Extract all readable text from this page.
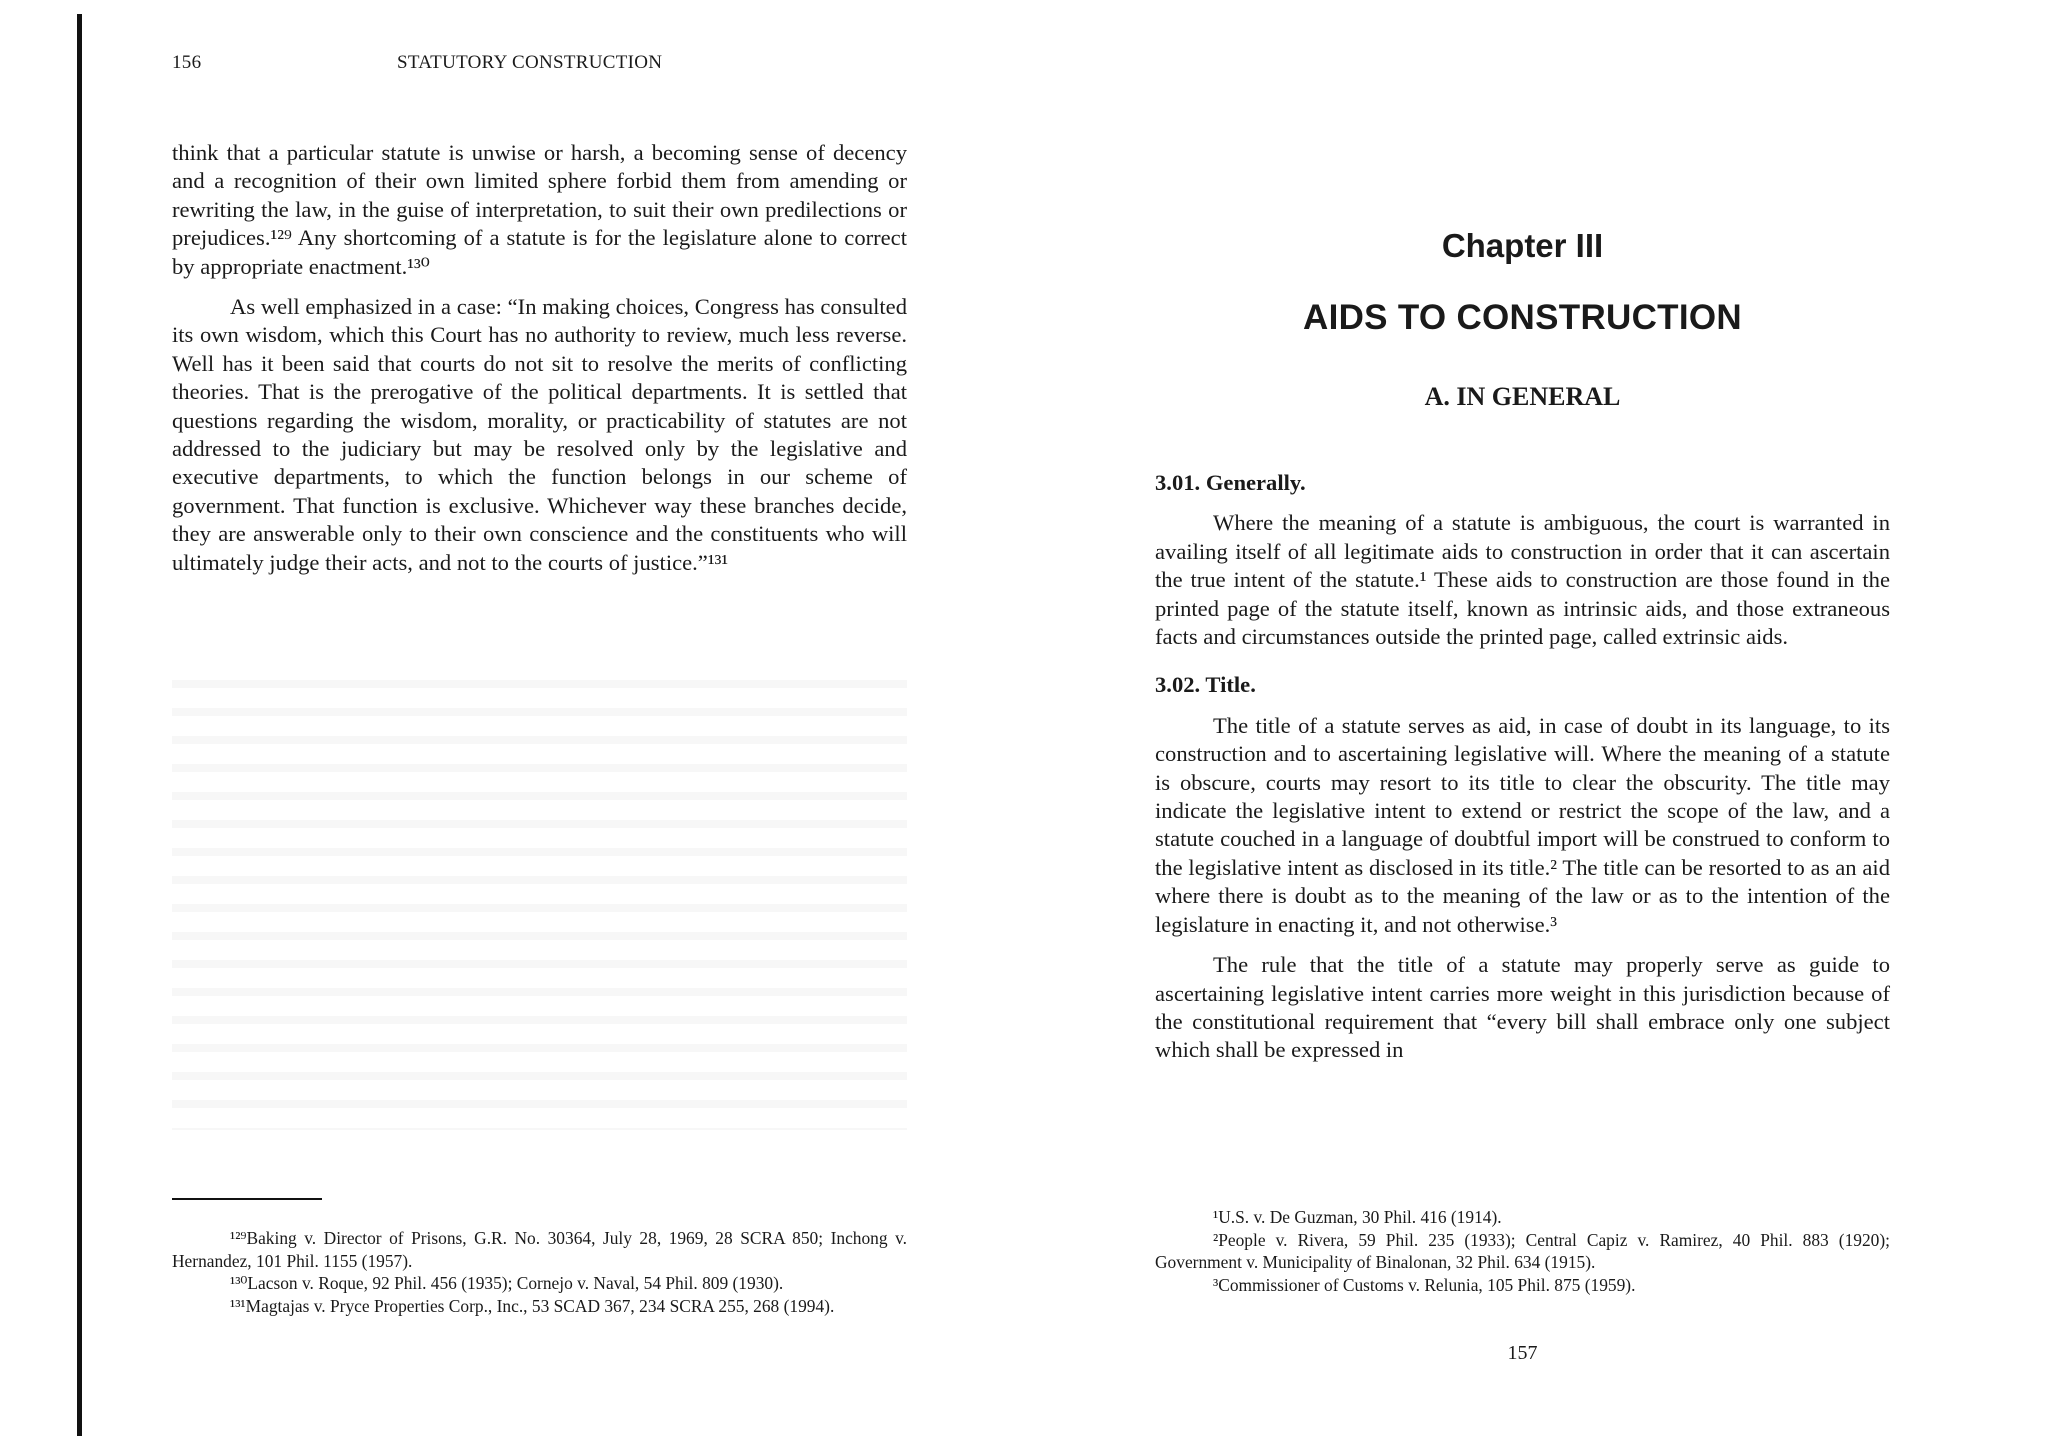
156	STATUTORY CONSTRUCTION

think that a particular statute is unwise or harsh, a becoming sense of decency and a recognition of their own limited sphere forbid them from amending or rewriting the law, in the guise of interpretation, to suit their own predilections or prejudices.¹²⁹ Any shortcoming of a statute is for the legislature alone to correct by appropriate enactment.¹³⁰

As well emphasized in a case: “In making choices, Congress has consulted its own wisdom, which this Court has no authority to review, much less reverse. Well has it been said that courts do not sit to resolve the merits of conflicting theories. That is the prerogative of the political departments. It is settled that questions regarding the wisdom, morality, or practicability of statutes are not addressed to the judiciary but may be resolved only by the legislative and executive departments, to which the function belongs in our scheme of government. That function is exclusive. Whichever way these branches decide, they are answerable only to their own conscience and the constituents who will ultimately judge their acts, and not to the courts of justice.”¹³¹

¹²⁹Baking v. Director of Prisons, G.R. No. 30364, July 28, 1969, 28 SCRA 850; Inchong v. Hernandez, 101 Phil. 1155 (1957).

¹³⁰Lacson v. Roque, 92 Phil. 456 (1935); Cornejo v. Naval, 54 Phil. 809 (1930).

¹³¹Magtajas v. Pryce Properties Corp., Inc., 53 SCAD 367, 234 SCRA 255, 268 (1994).

Chapter III
AIDS TO CONSTRUCTION
A. IN GENERAL

3.01. Generally.

Where the meaning of a statute is ambiguous, the court is warranted in availing itself of all legitimate aids to construction in order that it can ascertain the true intent of the statute.¹ These aids to construction are those found in the printed page of the statute itself, known as intrinsic aids, and those extraneous facts and circumstances outside the printed page, called extrinsic aids.

3.02. Title.

The title of a statute serves as aid, in case of doubt in its language, to its construction and to ascertaining legislative will. Where the meaning of a statute is obscure, courts may resort to its title to clear the obscurity. The title may indicate the legislative intent to extend or restrict the scope of the law, and a statute couched in a language of doubtful import will be construed to conform to the legislative intent as disclosed in its title.² The title can be resorted to as an aid where there is doubt as to the meaning of the law or as to the intention of the legislature in enacting it, and not otherwise.³

The rule that the title of a statute may properly serve as guide to ascertaining legislative intent carries more weight in this jurisdiction because of the constitutional requirement that “every bill shall embrace only one subject which shall be expressed in

¹U.S. v. De Guzman, 30 Phil. 416 (1914).

²People v. Rivera, 59 Phil. 235 (1933); Central Capiz v. Ramirez, 40 Phil. 883 (1920); Government v. Municipality of Binalonan, 32 Phil. 634 (1915).

³Commissioner of Customs v. Relunia, 105 Phil. 875 (1959).

157
